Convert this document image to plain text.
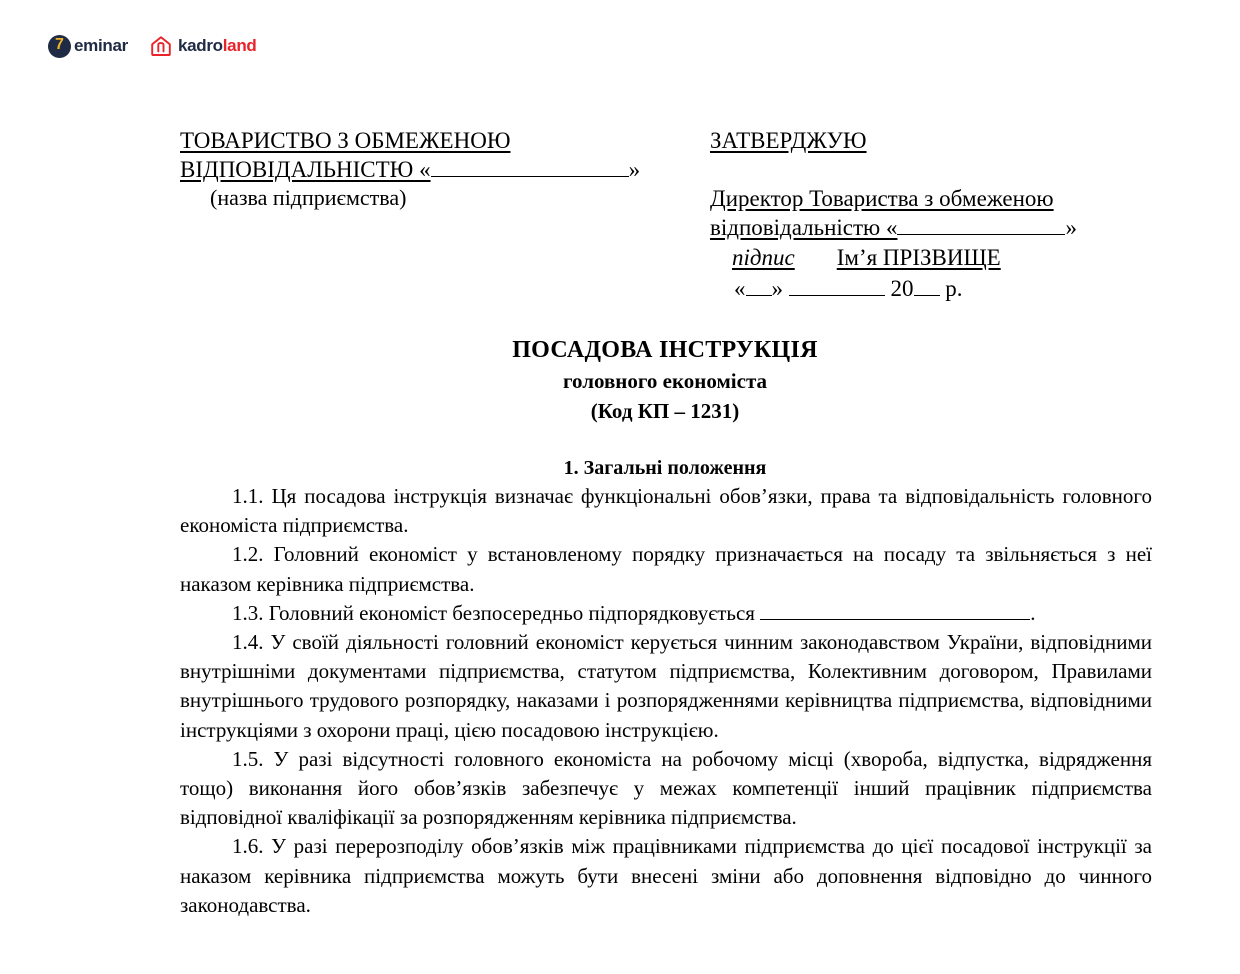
7 eminar	kadroland
ТОВАРИСТВО З ОБМЕЖЕНОЮ
ВІДПОВІДАЛЬНІСТЮ «	»
(назва підприємства)
ЗАТВЕРДЖУЮ
Директор Товариства з обмеженою
відповідальністю «	»
підпис Ім’я ПРІЗВИЩЕ
« »	20 р.
ПОСАДОВА ІНСТРУКЦІЯ
головного економіста
(Код КП – 1231)
1. Загальні положення

1.1. Ця посадова інструкція визначає функціональні обов’язки, права та відповідальність головного економіста підприємства.

1.2. Головний економіст у встановленому порядку призначається на посаду та звільняється з неї наказом керівника підприємства.

1.3. Головний економіст безпосередньо підпорядковується	.

1.4. У своїй діяльності головний економіст керується чинним законодавством України, відповідними внутрішніми документами підприємства, статутом підприємства, Колективним договором, Правилами внутрішнього трудового розпорядку, наказами і розпорядженнями керівництва підприємства, відповідними інструкціями з охорони праці, цією посадовою інструкцією.

1.5. У разі відсутності головного економіста на робочому місці (хвороба, відпустка, відрядження тощо) виконання його обов’язків забезпечує у межах компетенції інший працівник підприємства відповідної кваліфікації за розпорядженням керівника підприємства.

1.6. У разі перерозподілу обов’язків між працівниками підприємства до цієї посадової інструкції за наказом керівника підприємства можуть бути внесені зміни або доповнення відповідно до чинного законодавства.
